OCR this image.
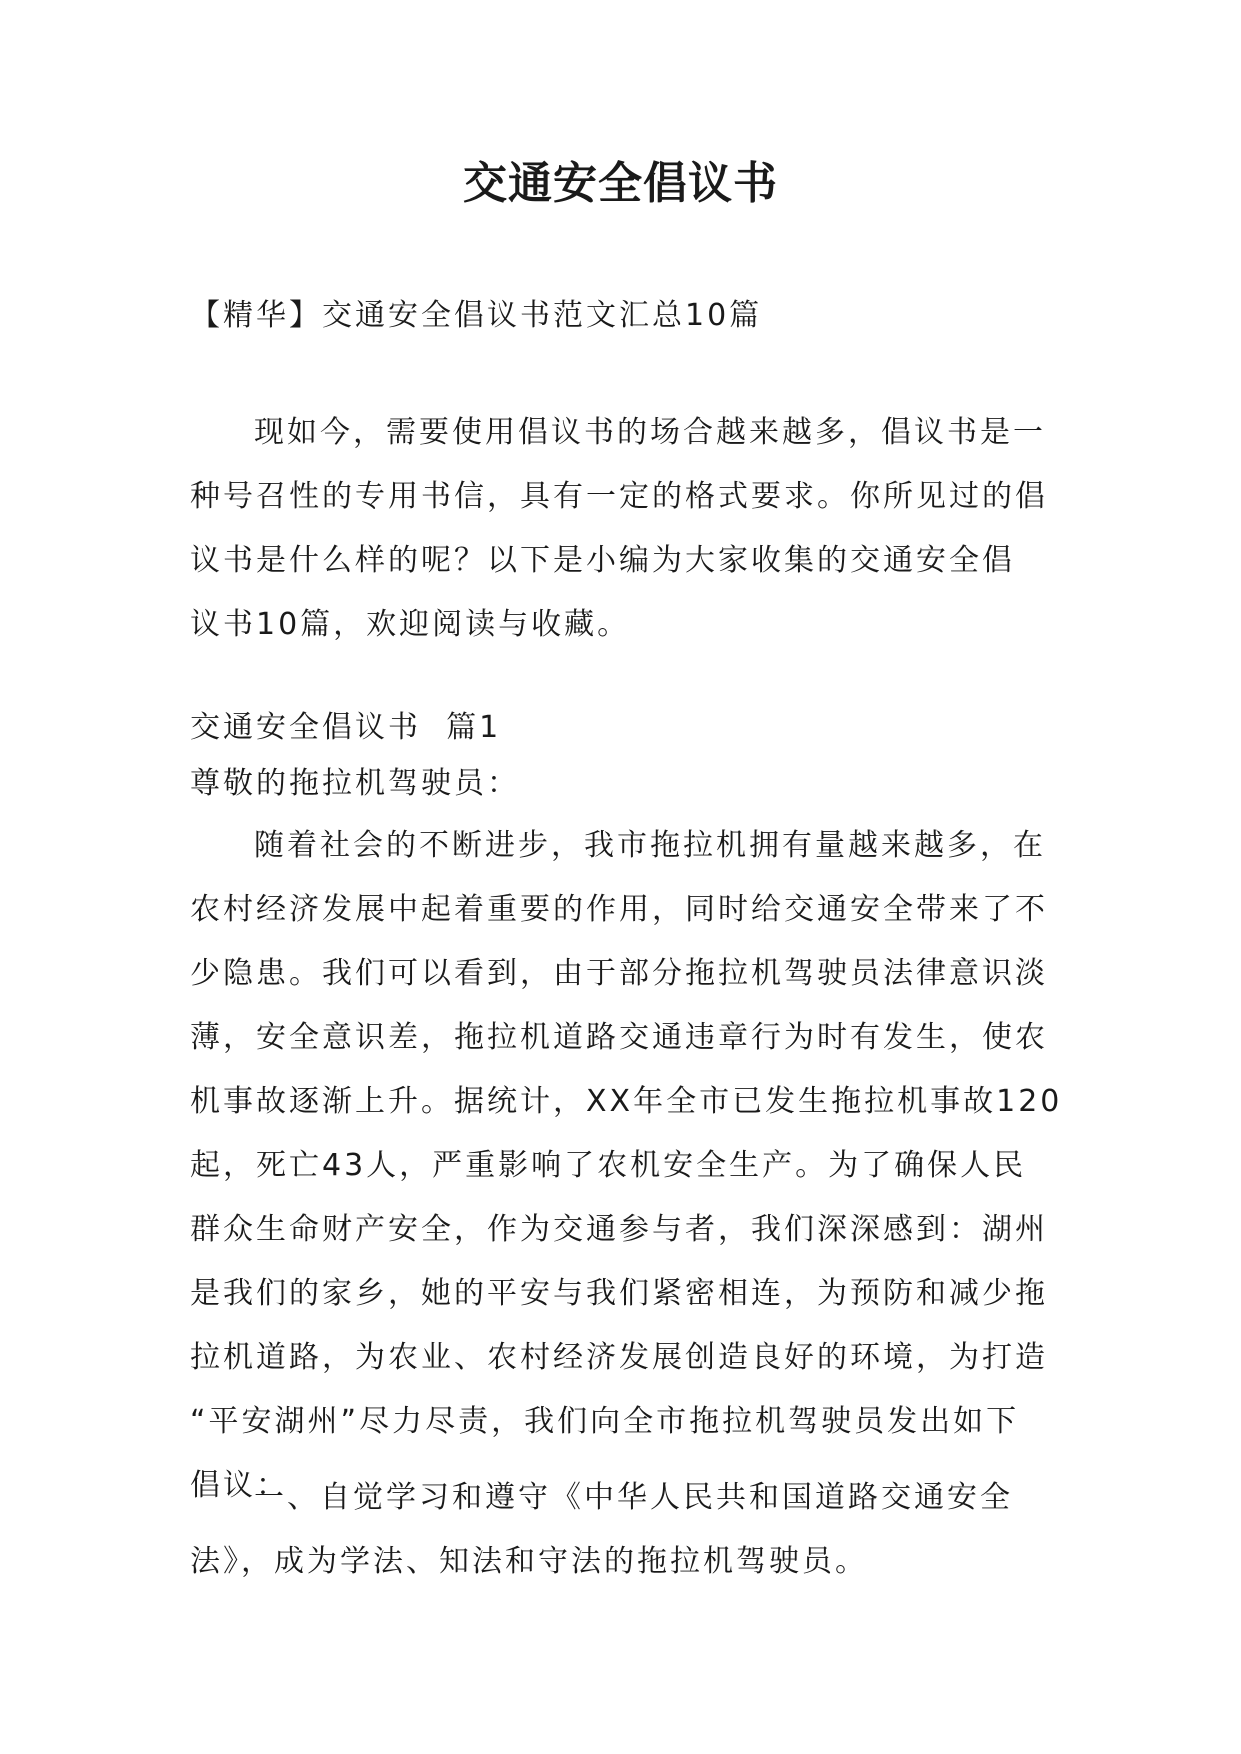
交通安全倡议书

【精华】交通安全倡议书范文汇总10篇

现如今，需要使用倡议书的场合越来越多，倡议书是一
种号召性的专用书信，具有一定的格式要求。你所见过的倡
议书是什么样的呢？以下是小编为大家收集的交通安全倡
议书10篇，欢迎阅读与收藏。

交通安全倡议书  篇1

尊敬的拖拉机驾驶员：

随着社会的不断进步，我市拖拉机拥有量越来越多，在
农村经济发展中起着重要的作用，同时给交通安全带来了不
少隐患。我们可以看到，由于部分拖拉机驾驶员法律意识淡
薄，安全意识差，拖拉机道路交通违章行为时有发生，使农
机事故逐渐上升。据统计，XX年全市已发生拖拉机事故120
起，死亡43人，严重影响了农机安全生产。为了确保人民
群众生命财产安全，作为交通参与者，我们深深感到：湖州
是我们的家乡，她的平安与我们紧密相连，为预防和减少拖
拉机道路，为农业、农村经济发展创造良好的环境，为打造
“平安湖州”尽力尽责，我们向全市拖拉机驾驶员发出如下
倡议：

一、自觉学习和遵守《中华人民共和国道路交通安全
法》，成为学法、知法和守法的拖拉机驾驶员。
